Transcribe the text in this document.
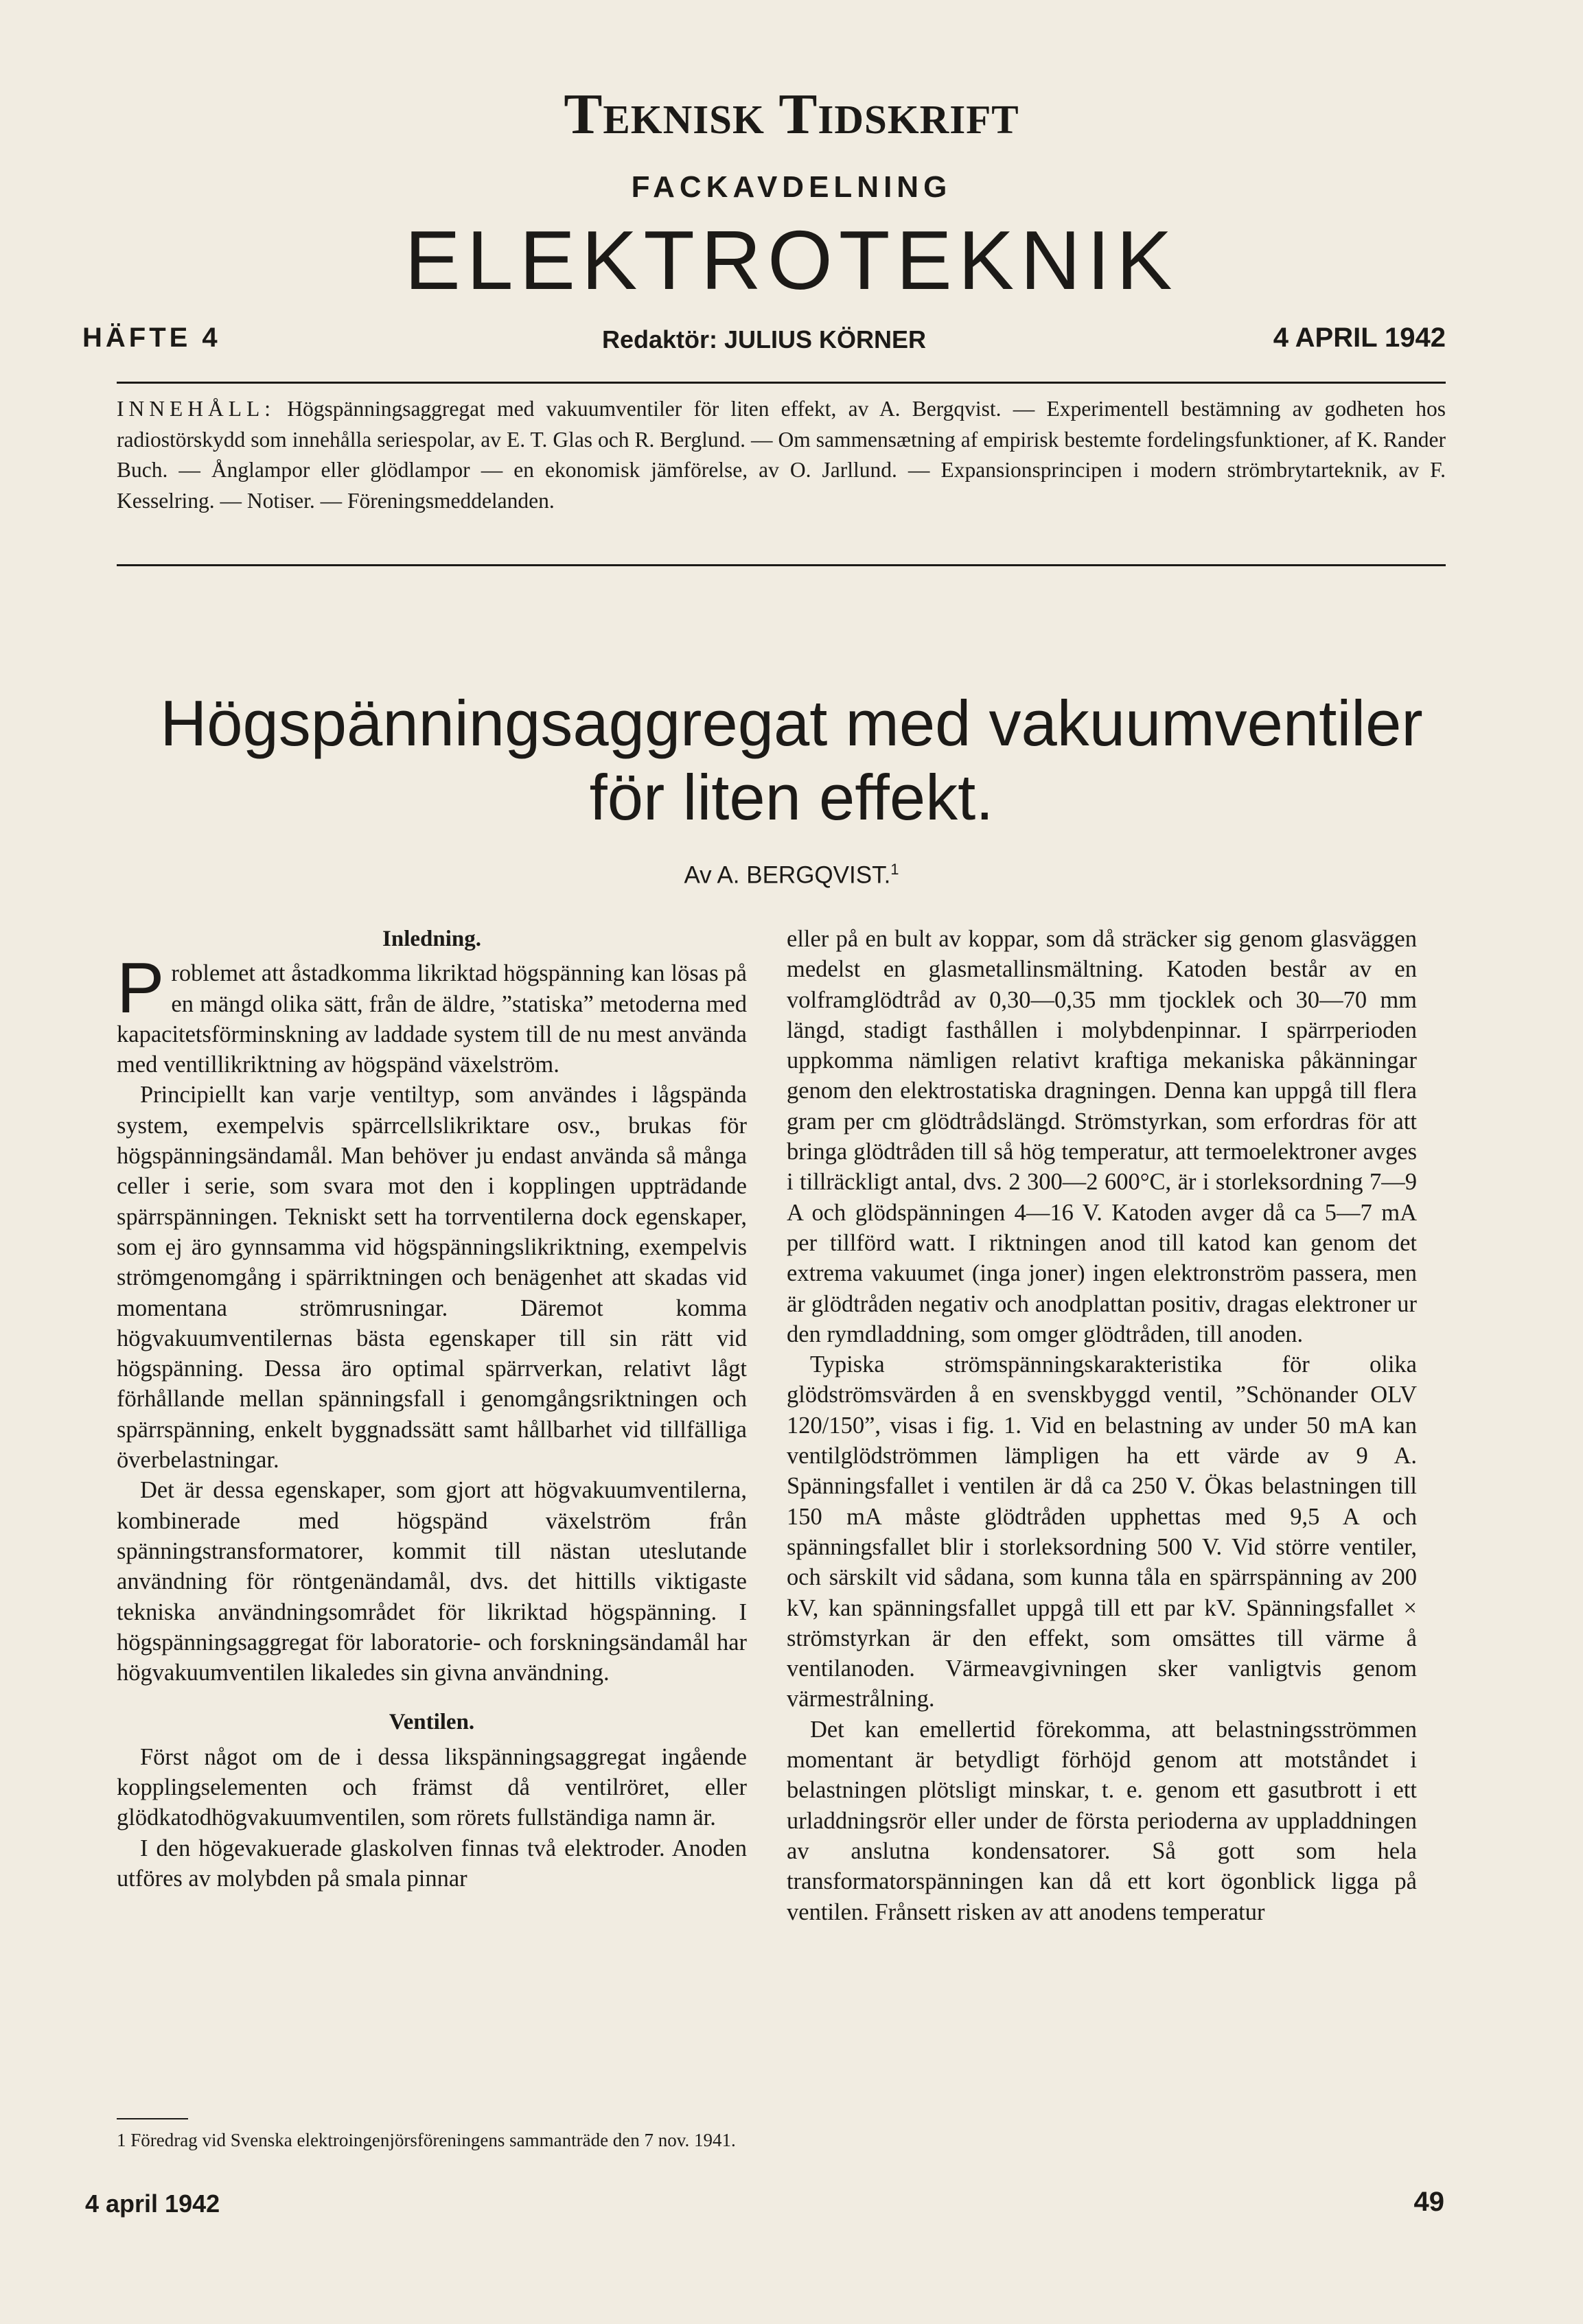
Teknisk Tidskrift
FACKAVDELNING
ELEKTROTEKNIK
HÄFTE 4	Redaktör: JULIUS KÖRNER	4 APRIL 1942
INNEHÅLL: Högspänningsaggregat med vakuumventiler för liten effekt, av A. Bergqvist. — Experimentell bestämning av godheten hos radiostörskydd som innehålla seriespolar, av E. T. Glas och R. Berglund. — Om sammensætning af empirisk bestemte fordelingsfunktioner, af K. Rander Buch. — Ånglampor eller glödlampor — en ekonomisk jämförelse, av O. Jarllund. — Expansionsprincipen i modern strömbrytarteknik, av F. Kesselring. — Notiser. — Föreningsmeddelanden.
Högspänningsaggregat med vakuumventiler
för liten effekt.
Av A. BERGQVIST.$^1$
Inledning.

Problemet att åstadkomma likriktad högspänning kan lösas på en mängd olika sätt, från de äldre, ”statiska” metoderna med kapacitetsförminskning av laddade system till de nu mest använda med ventillikriktning av högspänd växelström.

Principiellt kan varje ventiltyp, som användes i lågspända system, exempelvis spärrcellslikriktare osv., brukas för högspänningsändamål. Man behöver ju endast använda så många celler i serie, som svara mot den i kopplingen uppträdande spärrspänningen. Tekniskt sett ha torrventilerna dock egenskaper, som ej äro gynnsamma vid högspänningslikriktning, exempelvis strömgenomgång i spärriktningen och benägenhet att skadas vid momentana strömrusningar. Däremot komma högvakuumventilernas bästa egenskaper till sin rätt vid högspänning. Dessa äro optimal spärrverkan, relativt lågt förhållande mellan spänningsfall i genomgångsriktningen och spärrspänning, enkelt byggnadssätt samt hållbarhet vid tillfälliga överbelastningar.

Det är dessa egenskaper, som gjort att högvakuumventilerna, kombinerade med högspänd växelström från spänningstransformatorer, kommit till nästan uteslutande användning för röntgenändamål, dvs. det hittills viktigaste tekniska användningsområdet för likriktad högspänning. I högspänningsaggregat för laboratorie- och forskningsändamål har högvakuumventilen likaledes sin givna användning.

Ventilen.

Först något om de i dessa likspänningsaggregat ingående kopplingselementen och främst då ventilröret, eller glödkatodhögvakuumventilen, som rörets fullständiga namn är.

I den högevakuerade glaskolven finnas två elektroder. Anoden utföres av molybden på smala pinnar

1 Föredrag vid Svenska elektroingenjörsföreningens sammanträde den 7 nov. 1941.

eller på en bult av koppar, som då sträcker sig genom glasväggen medelst en glasmetallinsmältning. Katoden består av en volframglödtråd av 0,30—0,35 mm tjocklek och 30—70 mm längd, stadigt fasthållen i molybdenpinnar. I spärrperioden uppkomma nämligen relativt kraftiga mekaniska påkänningar genom den elektrostatiska dragningen. Denna kan uppgå till flera gram per cm glödtrådslängd. Strömstyrkan, som erfordras för att bringa glödtråden till så hög temperatur, att termoelektroner avges i tillräckligt antal, dvs. 2 300—2 600°C, är i storleksordning 7—9 A och glödspänningen 4—16 V. Katoden avger då ca 5—7 mA per tillförd watt. I riktningen anod till katod kan genom det extrema vakuumet (inga joner) ingen elektronström passera, men är glödtråden negativ och anodplattan positiv, dragas elektroner ur den rymdladdning, som omger glödtråden, till anoden.

Typiska strömspänningskarakteristika för olika glödströmsvärden å en svenskbyggd ventil, ”Schönander OLV 120/150”, visas i fig. 1. Vid en belastning av under 50 mA kan ventilglödströmmen lämpligen ha ett värde av 9 A. Spänningsfallet i ventilen är då ca 250 V. Ökas belastningen till 150 mA måste glödtråden upphettas med 9,5 A och spänningsfallet blir i storleksordning 500 V. Vid större ventiler, och särskilt vid sådana, som kunna tåla en spärrspänning av 200 kV, kan spänningsfallet uppgå till ett par kV. Spänningsfallet × strömstyrkan är den effekt, som omsättes till värme å ventilanoden. Värmeavgivningen sker vanligtvis genom värmestrålning.

Det kan emellertid förekomma, att belastningsströmmen momentant är betydligt förhöjd genom att motståndet i belastningen plötsligt minskar, t. e. genom ett gasutbrott i ett urladdningsrör eller under de första perioderna av uppladdningen av anslutna kondensatorer. Så gott som hela transformatorspänningen kan då ett kort ögonblick ligga på ventilen. Frånsett risken av att anodens temperatur

4 april 1942	49
